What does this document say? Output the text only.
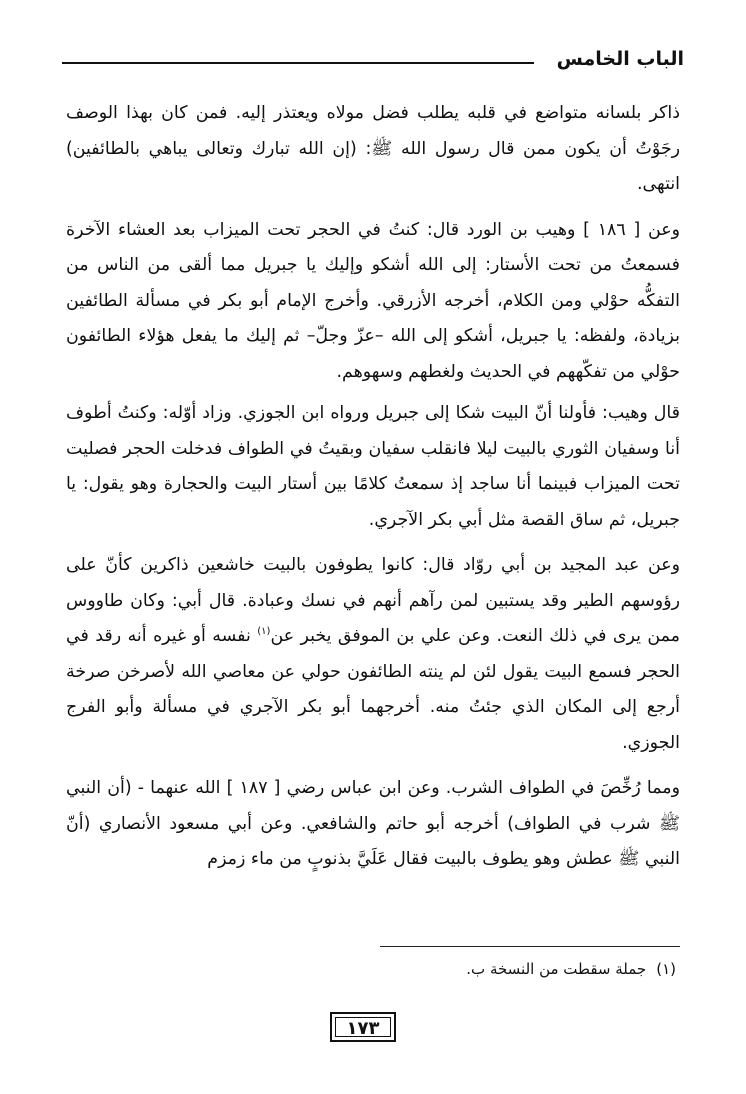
الباب الخامس

ذاكر بلسانه متواضع في قلبه يطلب فضل مولاه ويعتذر إليه. فمن كان بهذا الوصف رجَوْتُ أن يكون ممن قال رسول الله ﷺ: (إن الله تبارك وتعالى يباهي بالطائفين) انتهى.

وعن [ ١٨٦ ] وهيب بن الورد قال: كنتُ في الحجر تحت الميزاب بعد العشاء الآخرة فسمعتُ من تحت الأستار: إلى الله أشكو وإليك يا جبريل مما ألقى من الناس من التفكُّه حوْلي ومن الكلام، أخرجه الأزرقي. وأخرج الإمام أبو بكر في مسألة الطائفين بزيادة، ولفظه: يا جبريل، أشكو إلى الله –عزّ وجلّ– ثم إليك ما يفعل هؤلاء الطائفون حوْلي من تفكّههم في الحديث ولغطهم وسهوهم.

قال وهيب: فأولنا أنّ البيت شكا إلى جبريل ورواه ابن الجوزي. وزاد أوّله: وكنتُ أطوف أنا وسفيان الثوري بالبيت ليلا فانقلب سفيان وبقيتُ في الطواف فدخلت الحجر فصليت تحت الميزاب فبينما أنا ساجد إذ سمعتُ كلامًا بين أستار البيت والحجارة وهو يقول: يا جبريل، ثم ساق القصة مثل أبي بكر الآجري.

وعن عبد المجيد بن أبي روّاد قال: كانوا يطوفون بالبيت خاشعين ذاكرين كأنّ على رؤوسهم الطير وقد يستبين لمن رآهم أنهم في نسك وعبادة. قال أبي: وكان طاووس ممن يرى في ذلك النعت. وعن علي بن الموفق يخبر عن$^{(١)}$ نفسه أو غيره أنه رقد في الحجر فسمع البيت يقول لئن لم ينته الطائفون حولي عن معاصي الله لأصرخن صرخة أرجع إلى المكان الذي جئتُ منه. أخرجهما أبو بكر الآجري في مسألة وأبو الفرج الجوزي.

ومما رُخِّصَ في الطواف الشرب. وعن ابن عباس رضي [ ١٨٧ ] الله عنهما - (أن النبي ﷺ شرب في الطواف) أخرجه أبو حاتم والشافعي. وعن أبي مسعود الأنصاري (أنّ النبي ﷺ عطش وهو يطوف بالبيت فقال عَلَيَّ بذنوبٍ من ماء زمزم

(١)جملة سقطت من النسخة ب.
١٧٣
